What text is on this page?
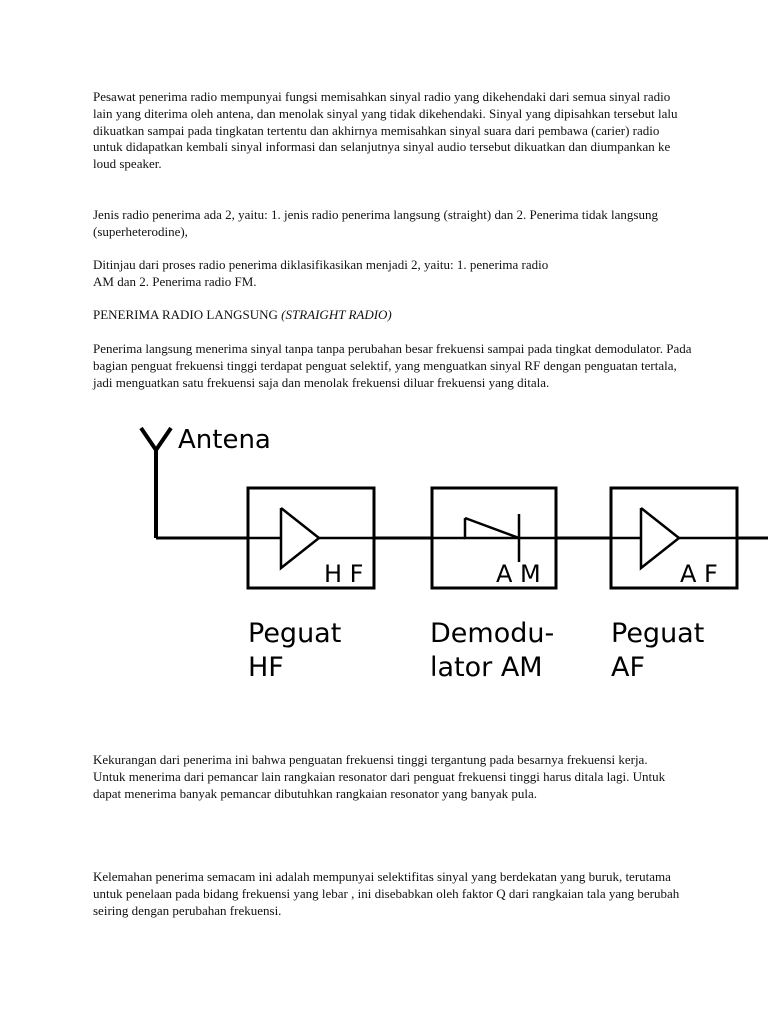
Pesawat penerima radio mempunyai fungsi memisahkan sinyal radio yang dikehendaki dari semua sinyal radio lain yang diterima oleh antena, dan menolak sinyal yang tidak dikehendaki. Sinyal yang dipisahkan tersebut lalu dikuatkan sampai pada tingkatan tertentu dan akhirnya memisahkan sinyal suara dari pembawa (carier) radio untuk didapatkan kembali sinyal informasi dan selanjutnya sinyal audio tersebut dikuatkan dan diumpankan ke loud speaker.

Jenis radio penerima ada 2, yaitu: 1. jenis radio penerima langsung (straight) dan 2. Penerima tidak langsung (superheterodine),

Ditinjau dari proses radio penerima diklasifikasikan menjadi 2, yaitu: 1. penerima radio
AM dan 2. Penerima radio FM.

PENERIMA RADIO LANGSUNG (STRAIGHT RADIO)

Penerima langsung menerima sinyal tanpa tanpa perubahan besar frekuensi sampai pada tingkat demodulator. Pada bagian penguat frekuensi tinggi terdapat penguat selektif, yang menguatkan sinyal RF dengan penguatan tertala, jadi menguatkan satu frekuensi saja dan menolak frekuensi diluar frekuensi yang ditala.

Antena
H F	A M	A F
Peguat
HF
Demodu-
lator AM
Peguat
AF

Kekurangan dari penerima ini bahwa penguatan frekuensi tinggi tergantung pada besarnya frekuensi kerja. Untuk menerima dari pemancar lain rangkaian resonator dari penguat frekuensi tinggi harus ditala lagi. Untuk dapat menerima banyak pemancar dibutuhkan rangkaian resonator yang banyak pula.

Kelemahan penerima semacam ini adalah mempunyai selektifitas sinyal yang berdekatan yang buruk, terutama untuk penelaan pada bidang frekuensi yang lebar , ini disebabkan oleh faktor Q dari rangkaian tala yang berubah seiring dengan perubahan frekuensi.
